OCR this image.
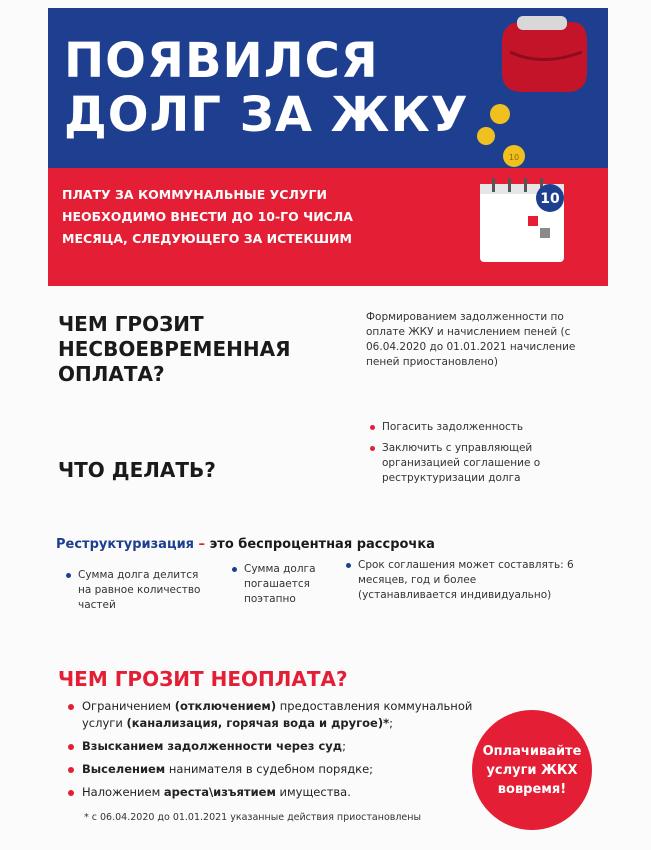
ПОЯВИЛСЯ
ДОЛГ ЗА ЖКУ
10
ПЛАТУ ЗА КОММУНАЛЬНЫЕ УСЛУГИ НЕОБХОДИМО ВНЕСТИ ДО 10-ГО ЧИСЛА МЕСЯЦА, СЛЕДУЮЩЕГО ЗА ИСТЕКШИМ
10
ЧЕМ ГРОЗИТ НЕСВОЕВРЕМЕННАЯ ОПЛАТА?
Формированием задолженности по оплате ЖКУ и начислением пеней (с 06.04.2020 до 01.01.2021 начисление пеней приостановлено)
ЧТО ДЕЛАТЬ?
Погасить задолженность
Заключить с управляющей организацией соглашение о реструктуризации долга
Реструктуризация – это беспроцентная рассрочка
Сумма долга делится на равное количество частей
Сумма долга погашается поэтапно
Срок соглашения может составлять: 6 месяцев, год и более (устанавливается индивидуально)
ЧЕМ ГРОЗИТ НЕОПЛАТА?
Ограничением (отключением) предоставления коммунальной услуги (канализация, горячая вода и другое)*;
Взысканием задолженности через суд;
Выселением нанимателя в судебном порядке;
Наложением ареста\изъятием имущества.
* с 06.04.2020 до 01.01.2021 указанные действия приостановлены
Оплачивайте услуги ЖКХ вовремя!
